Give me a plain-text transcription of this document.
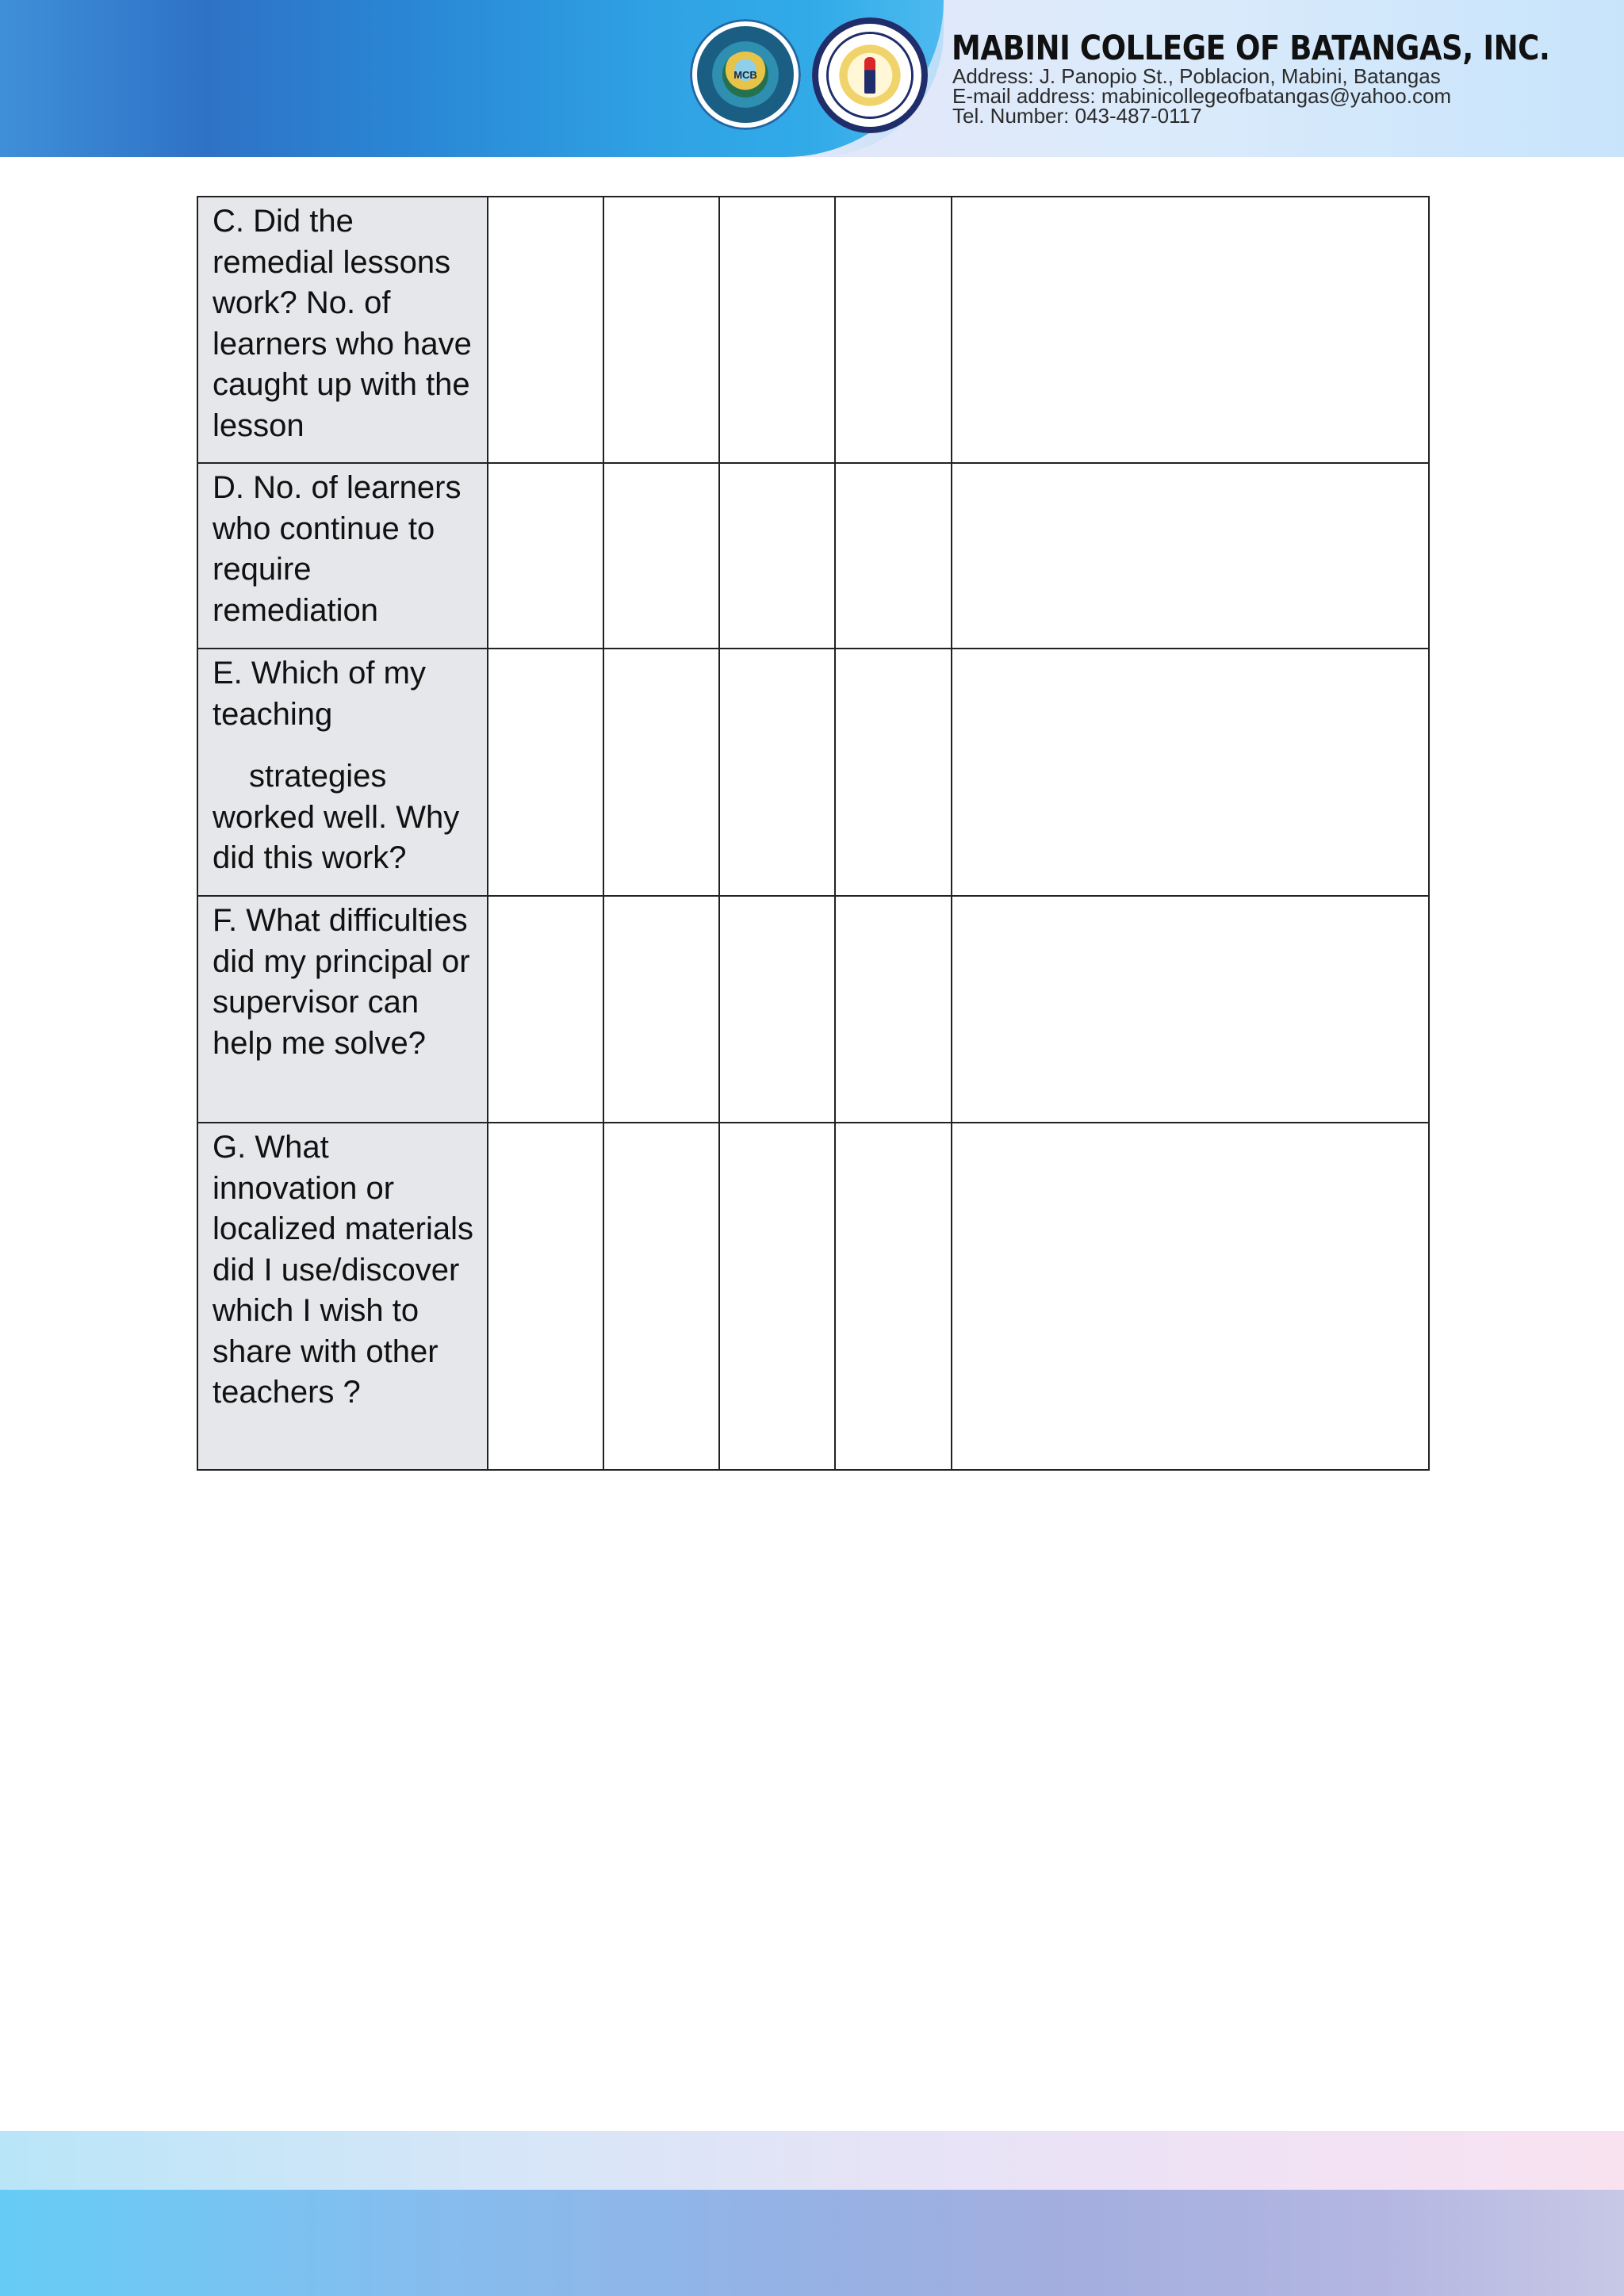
MCB
MABINI COLLEGE OF BATANGAS, INC.
Address: J. Panopio St., Poblacion, Mabini, Batangas
E-mail address: mabinicollegeofbatangas@yahoo.com
Tel. Number: 043-487-0117
C. Did the remedial lessons work? No. of learners who have caught up with the lesson					

D. No. of learners who continue to require remediation					

E. Which of my teaching
strategies worked well. Why did this work?					

F. What difficulties did my principal or supervisor can help me solve?					

G. What innovation or localized materials did I use/discover which I wish to share with other teachers ?					
